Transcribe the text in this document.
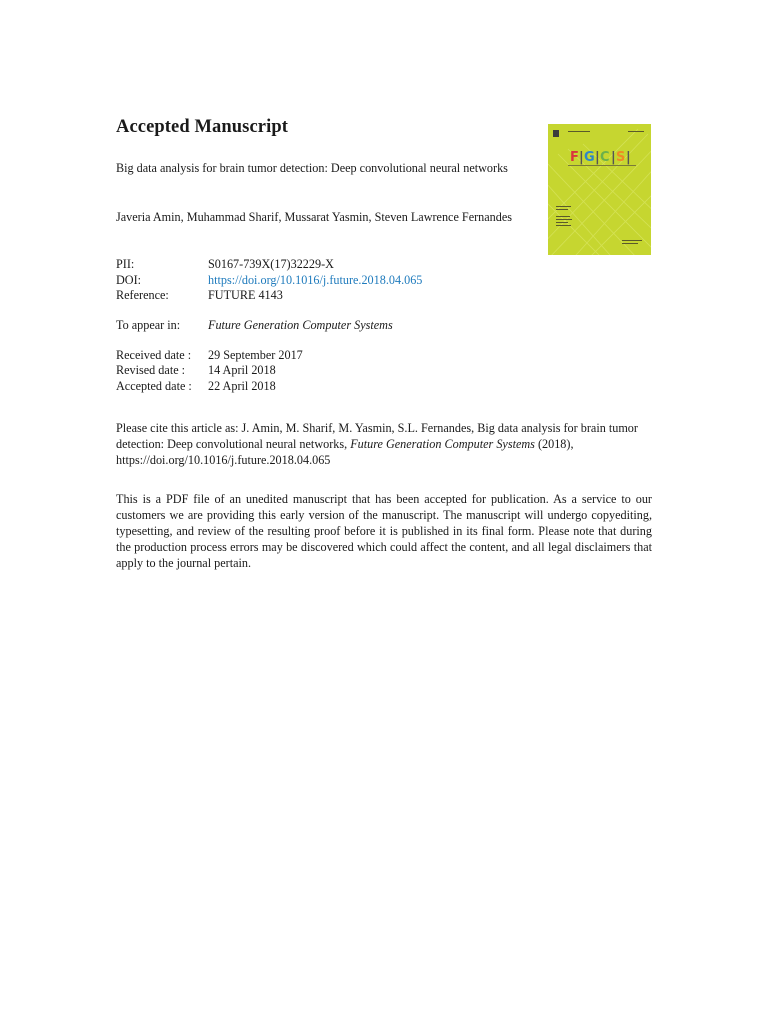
Accepted Manuscript
Big data analysis for brain tumor detection: Deep convolutional neural networks
Javeria Amin, Muhammad Sharif, Mussarat Yasmin, Steven Lawrence Fernandes
F | G | C | S |
PII:	S0167-739X(17)32229-X
DOI:	https://doi.org/10.1016/j.future.2018.04.065
Reference:	FUTURE 4143
To appear in: Future Generation Computer Systems
Received date : 29 September 2017
Revised date : 14 April 2018
Accepted date : 22 April 2018
Please cite this article as: J. Amin, M. Sharif, M. Yasmin, S.L. Fernandes, Big data analysis for brain tumor detection: Deep convolutional neural networks, Future Generation Computer Systems (2018), https://doi.org/10.1016/j.future.2018.04.065
This is a PDF file of an unedited manuscript that has been accepted for publication. As a service to our customers we are providing this early version of the manuscript. The manuscript will undergo copyediting, typesetting, and review of the resulting proof before it is published in its final form. Please note that during the production process errors may be discovered which could affect the content, and all legal disclaimers that apply to the journal pertain.
